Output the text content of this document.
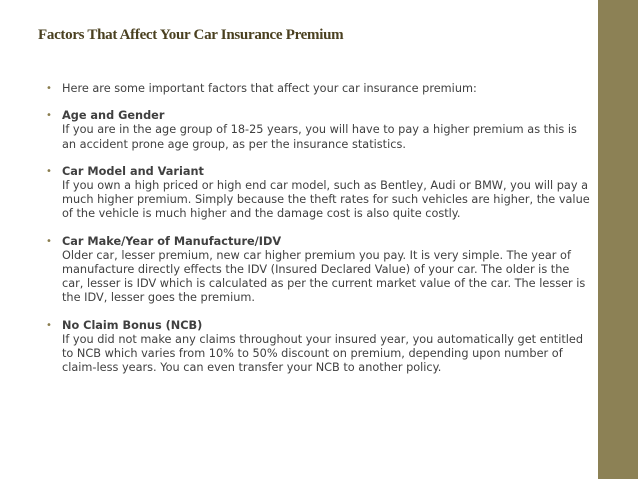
Factors That Affect Your Car Insurance Premium
• Here are some important factors that affect your car insurance premium:
• Age and Gender
If you are in the age group of 18-25 years, you will have to pay a higher premium as this is an accident prone age group, as per the insurance statistics.
• Car Model and Variant
If you own a high priced or high end car model, such as Bentley, Audi or BMW, you will pay a much higher premium. Simply because the theft rates for such vehicles are higher, the value of the vehicle is much higher and the damage cost is also quite costly.
• Car Make/Year of Manufacture/IDV
Older car, lesser premium, new car higher premium you pay. It is very simple. The year of manufacture directly effects the IDV (Insured Declared Value) of your car. The older is the car, lesser is IDV which is calculated as per the current market value of the car. The lesser is the IDV, lesser goes the premium.
• No Claim Bonus (NCB)
If you did not make any claims throughout your insured year, you automatically get entitled to NCB which varies from 10% to 50% discount on premium, depending upon number of claim-less years. You can even transfer your NCB to another policy.
